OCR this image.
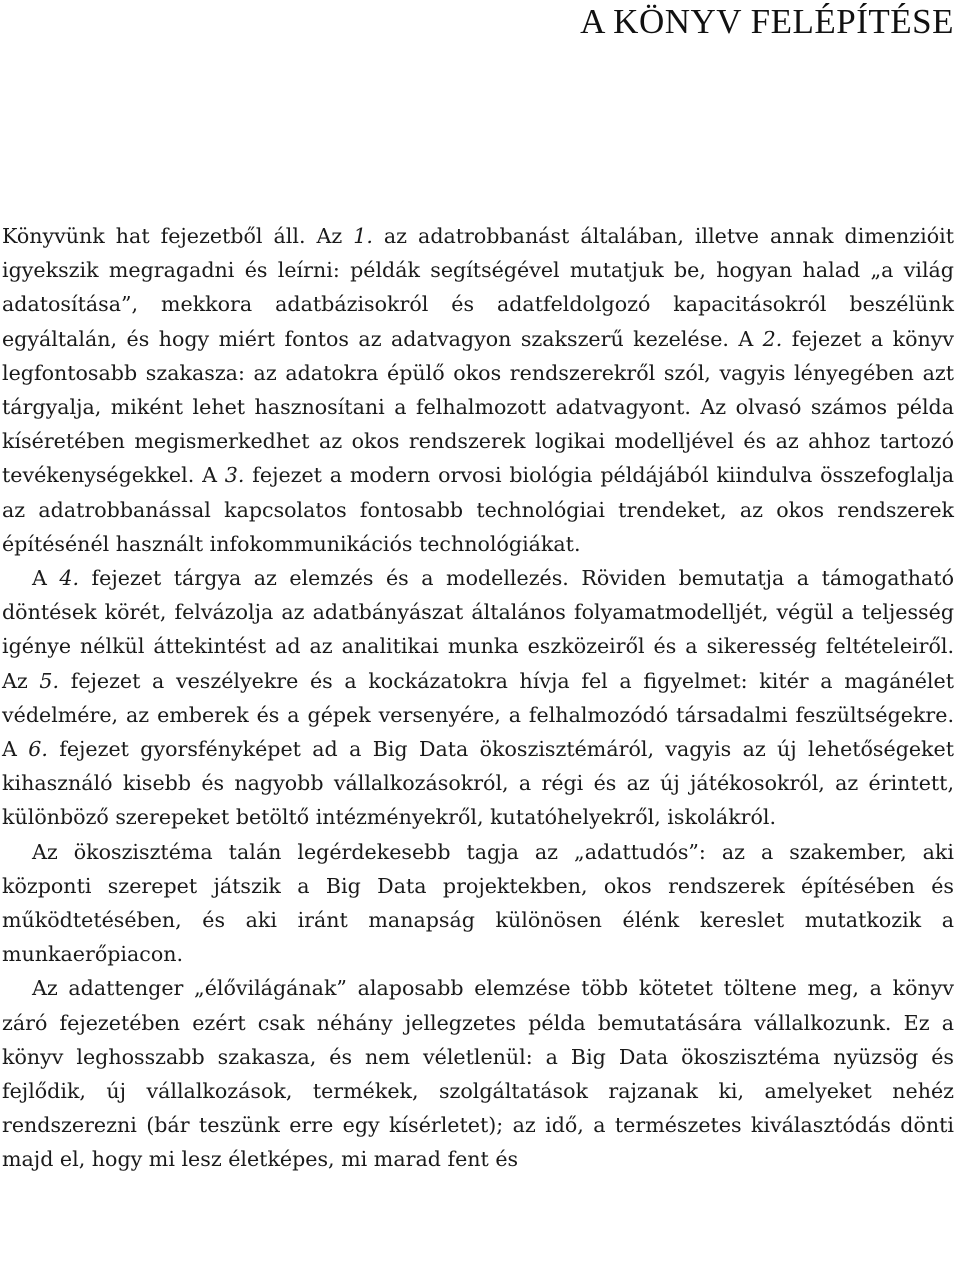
A KÖNYV FELÉPÍTÉSE

Könyvünk hat fejezetből áll. Az 1. az adatrobbanást általában, illetve annak dimenzióit igyekszik megragadni és leírni: példák segítségével mutatjuk be, hogyan halad „a világ adatosítása”, mekkora adatbázisokról és adatfeldolgozó kapacitásokról beszélünk egyáltalán, és hogy miért fontos az adatvagyon szakszerű kezelése. A 2. fejezet a könyv legfontosabb szakasza: az adatokra épülő okos rendszerekről szól, vagyis lényegében azt tárgyalja, miként lehet hasznosítani a felhalmozott adatvagyont. Az olvasó számos példa kíséretében megismerkedhet az okos rendszerek logikai modelljével és az ahhoz tartozó tevékenységekkel. A 3. fejezet a modern orvosi biológia példájából kiindulva összefoglalja az adatrobbanással kapcsolatos fontosabb technológiai trendeket, az okos rendszerek építésénél használt infokommunikációs technológiákat.

A 4. fejezet tárgya az elemzés és a modellezés. Röviden bemutatja a támogatható döntések körét, felvázolja az adatbányászat általános folyamatmodelljét, végül a teljesség igénye nélkül áttekintést ad az analitikai munka eszközeiről és a sikeresség feltételeiről. Az 5. fejezet a veszélyekre és a kockázatokra hívja fel a figyelmet: kitér a magánélet védelmére, az emberek és a gépek versenyére, a felhalmozódó társadalmi feszültségekre. A 6. fejezet gyorsfényképet ad a Big Data ökoszisztémáról, vagyis az új lehetőségeket kihasználó kisebb és nagyobb vállalkozásokról, a régi és az új játékosokról, az érintett, különböző szerepeket betöltő intézményekről, kutatóhelyekről, iskolákról.

Az ökoszisztéma talán legérdekesebb tagja az „adattudós”: az a szakember, aki központi szerepet játszik a Big Data projektekben, okos rendszerek építésében és működtetésében, és aki iránt manapság különösen élénk kereslet mutatkozik a munkaerőpiacon.

Az adattenger „élővilágának” alaposabb elemzése több kötetet töltene meg, a könyv záró fejezetében ezért csak néhány jellegzetes példa bemutatására vállalkozunk. Ez a könyv leghosszabb szakasza, és nem véletlenül: a Big Data ökoszisztéma nyüzsög és fejlődik, új vállalkozások, termékek, szolgáltatások rajzanak ki, amelyeket nehéz rendszerezni (bár teszünk erre egy kísérletet); az idő, a természetes kiválasztódás dönti majd el, hogy mi lesz életképes, mi marad fent és
